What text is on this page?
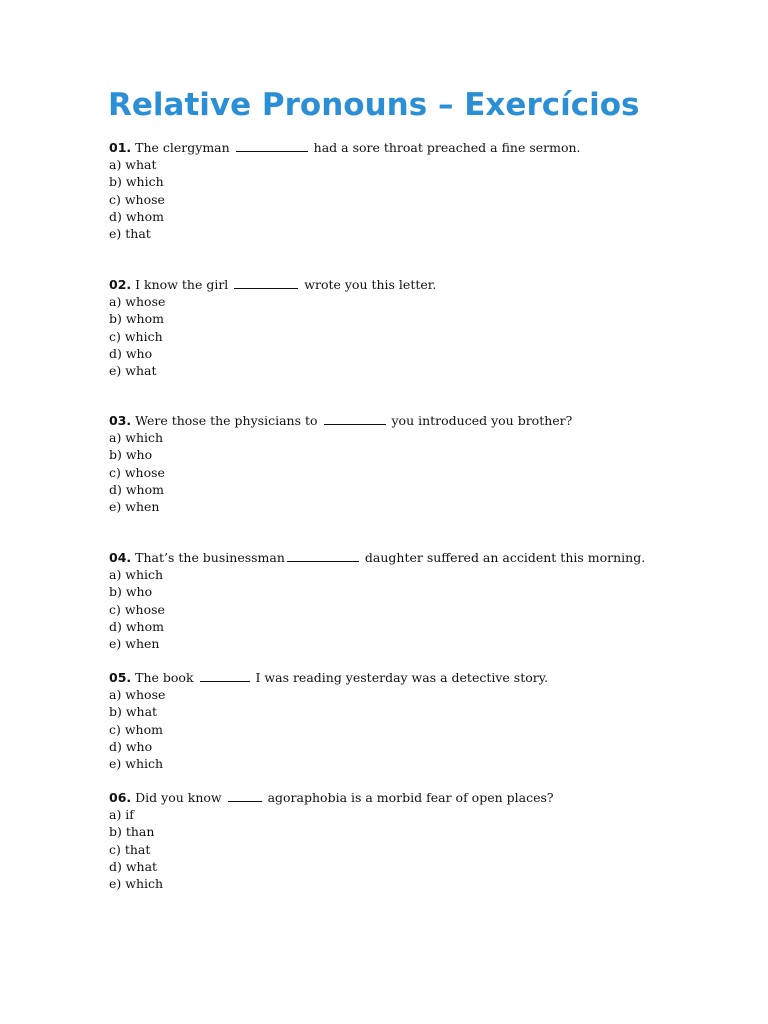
Relative Pronouns – Exercícios
01. The clergyman	had a sore throat preached a fine sermon.
a) what
b) which
c) whose
d) whom
e) that
02. I know the girl	wrote you this letter.
a) whose
b) whom
c) which
d) who
e) what
03. Were those the physicians to	you introduced you brother?
a) which
b) who
c) whose
d) whom
e) when
04. That’s the businessman	daughter suffered an accident this morning.
a) which
b) who
c) whose
d) whom
e) when
05. The book	I was reading yesterday was a detective story.
a) whose
b) what
c) whom
d) who
e) which
06. Did you know	agoraphobia is a morbid fear of open places?
a) if
b) than
c) that
d) what
e) which
